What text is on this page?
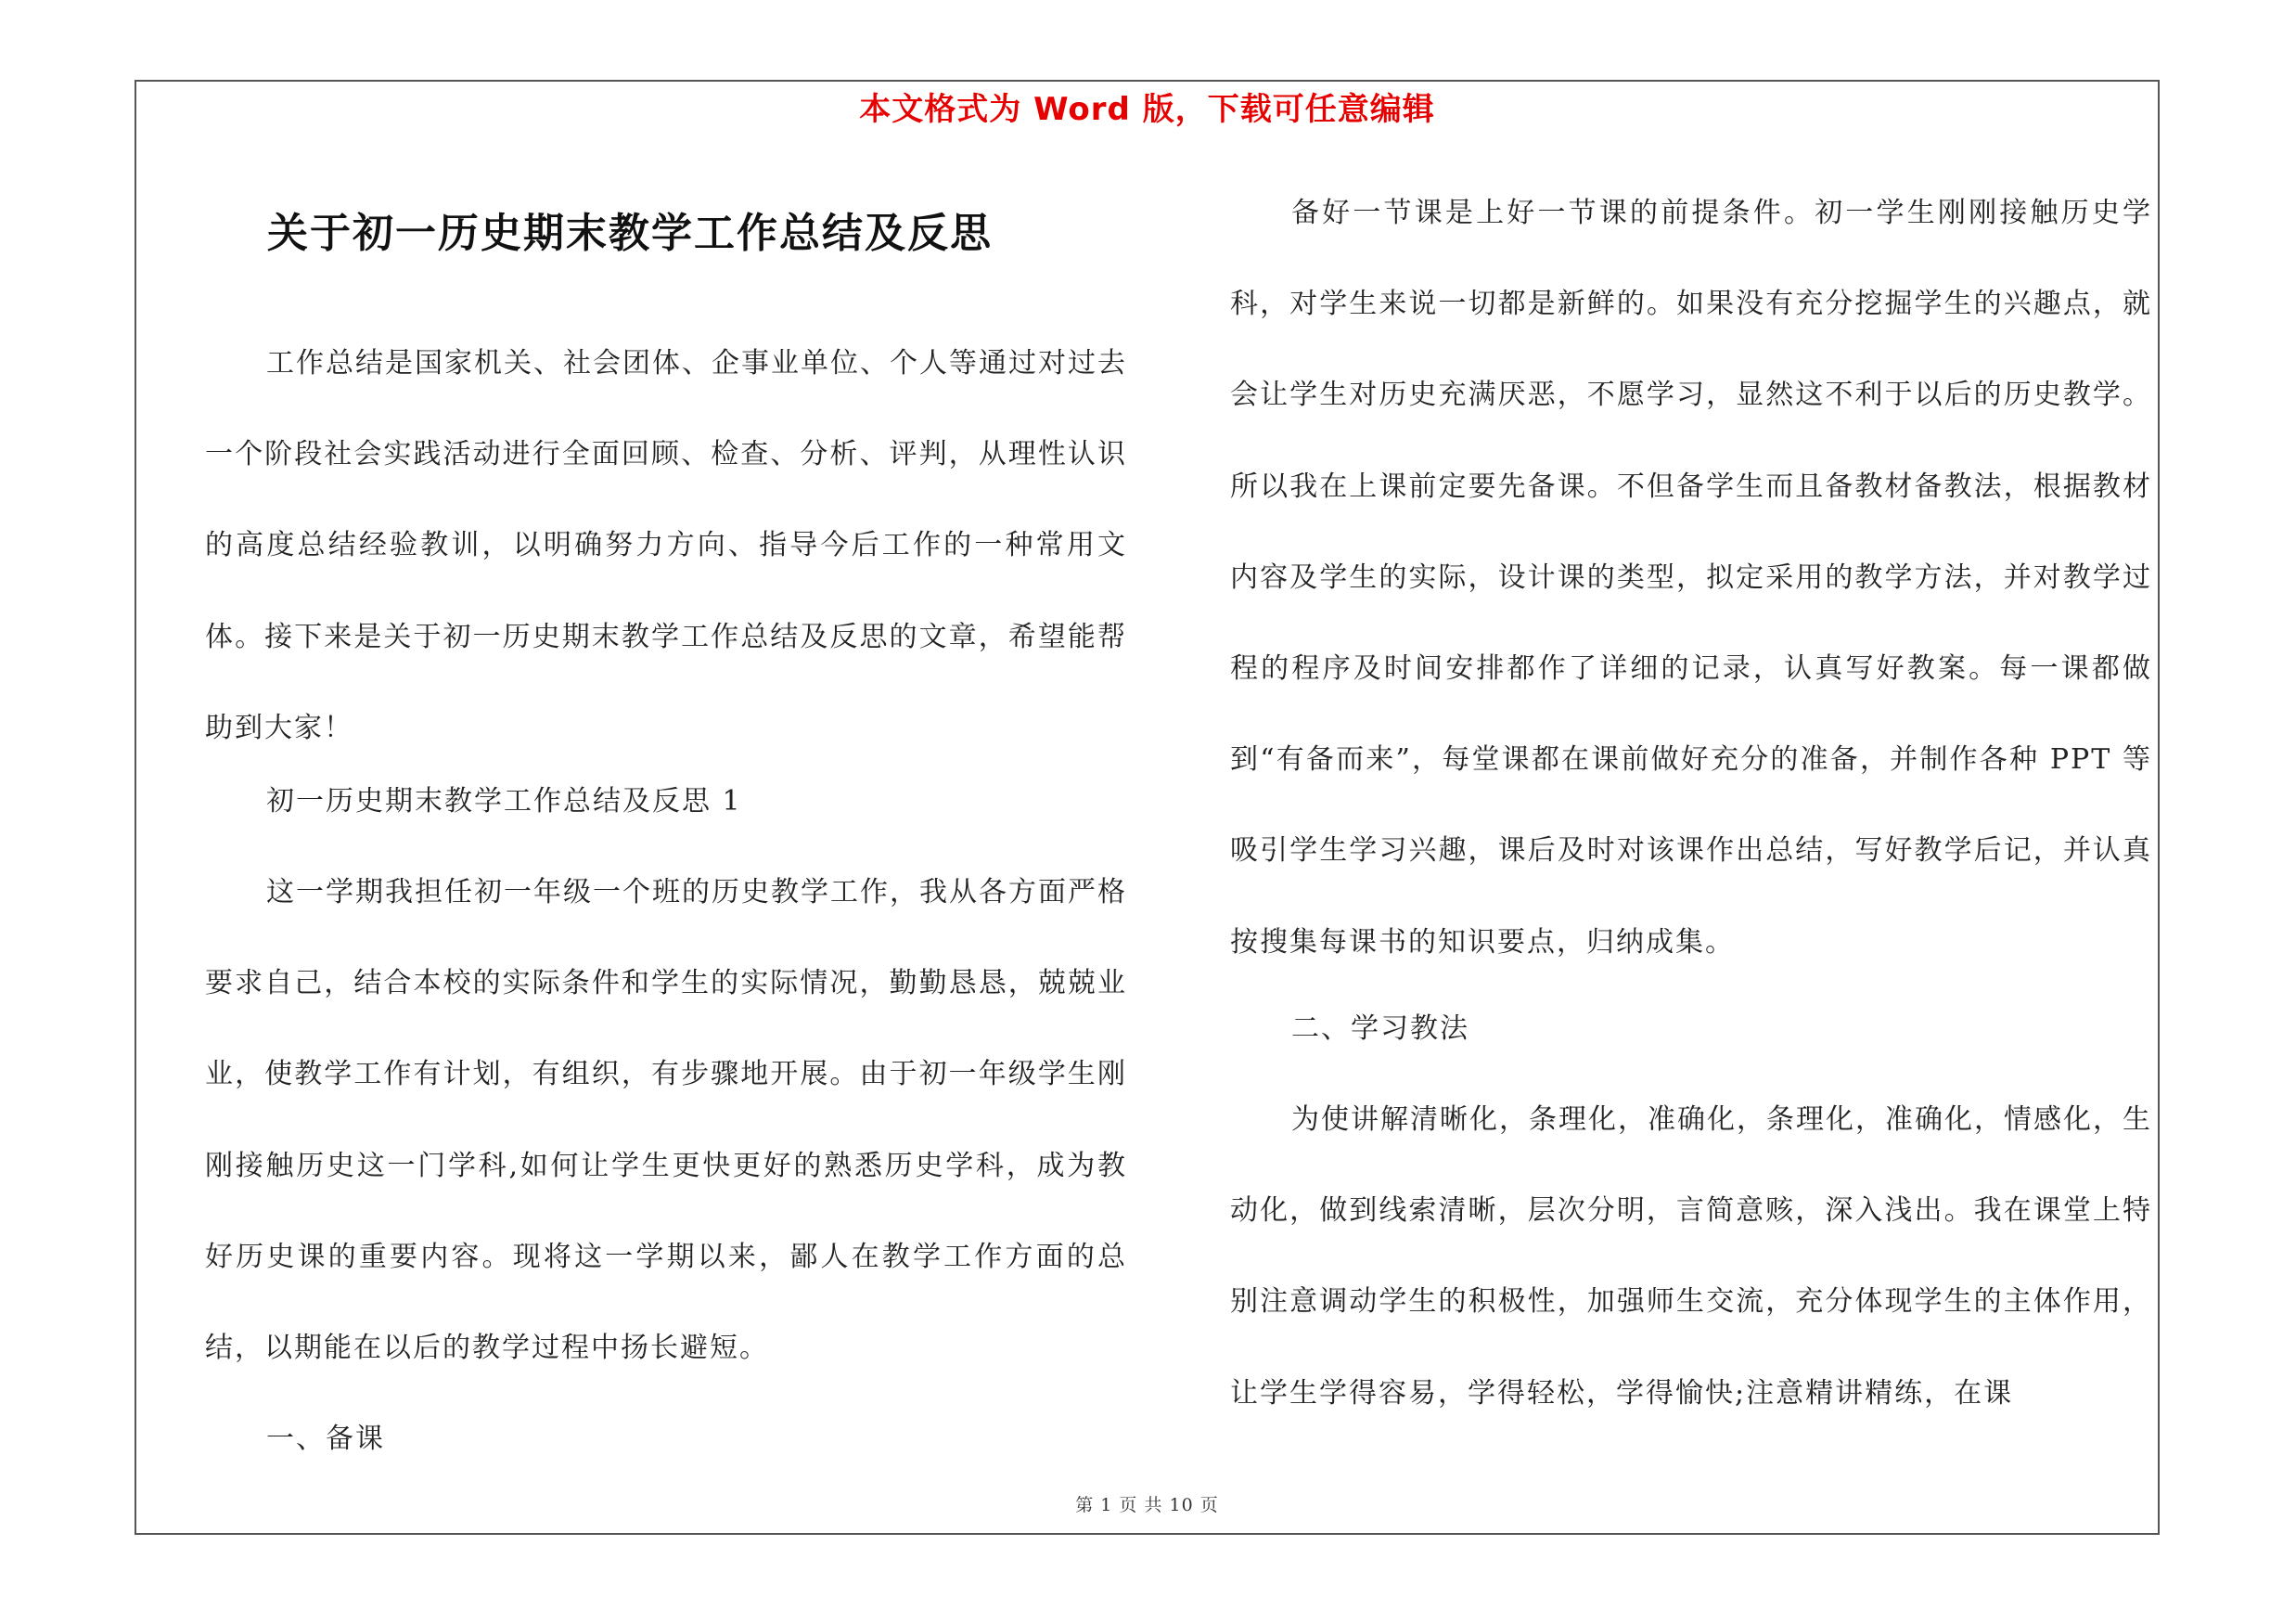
本文格式为 Word 版，下载可任意编辑
关于初一历史期末教学工作总结及反思

工作总结是国家机关、社会团体、企事业单位、个人等通过对过去一个阶段社会实践活动进行全面回顾、检查、分析、评判，从理性认识的高度总结经验教训，以明确努力方向、指导今后工作的一种常用文体。接下来是关于初一历史期末教学工作总结及反思的文章，希望能帮助到大家！

初一历史期末教学工作总结及反思 1

这一学期我担任初一年级一个班的历史教学工作，我从各方面严格要求自己，结合本校的实际条件和学生的实际情况，勤勤恳恳，兢兢业业，使教学工作有计划，有组织，有步骤地开展。由于初一年级学生刚刚接触历史这一门学科,如何让学生更快更好的熟悉历史学科，成为教好历史课的重要内容。现将这一学期以来，鄙人在教学工作方面的总结，以期能在以后的教学过程中扬长避短。

一、备课

备好一节课是上好一节课的前提条件。初一学生刚刚接触历史学科，对学生来说一切都是新鲜的。如果没有充分挖掘学生的兴趣点，就会让学生对历史充满厌恶，不愿学习，显然这不利于以后的历史教学。所以我在上课前定要先备课。不但备学生而且备教材备教法，根据教材内容及学生的实际，设计课的类型，拟定采用的教学方法，并对教学过程的程序及时间安排都作了详细的记录，认真写好教案。每一课都做到“有备而来”，每堂课都在课前做好充分的准备，并制作各种 PPT 等吸引学生学习兴趣，课后及时对该课作出总结，写好教学后记，并认真按搜集每课书的知识要点，归纳成集。

二、学习教法

为使讲解清晰化，条理化，准确化，条理化，准确化，情感化，生动化，做到线索清晰，层次分明，言简意赅，深入浅出。我在课堂上特别注意调动学生的积极性，加强师生交流，充分体现学生的主体作用，让学生学得容易，学得轻松，学得愉快;注意精讲精练，在课

第 1 页 共 10 页
